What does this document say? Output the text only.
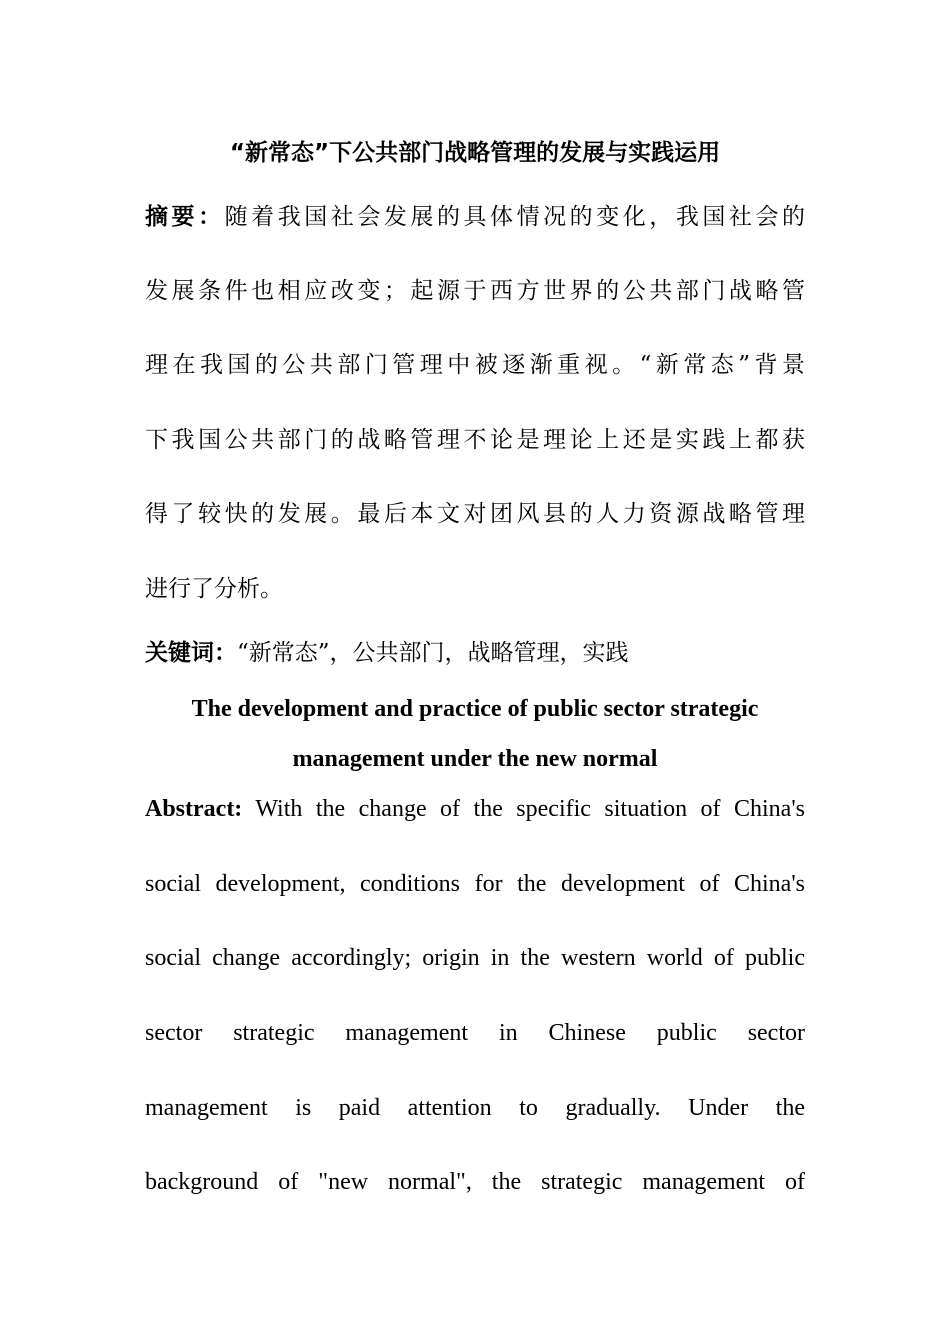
“新常态”下公共部门战略管理的发展与实践运用
摘要：随着我国社会发展的具体情况的变化，我国社会的
发展条件也相应改变；起源于西方世界的公共部门战略管
理在我国的公共部门管理中被逐渐重视。“新常态”背景
下我国公共部门的战略管理不论是理论上还是实践上都获
得了较快的发展。最后本文对团风县的人力资源战略管理
进行了分析。
关键词：“新常态”，公共部门，战略管理，实践
The development and practice of public sector strategic
management under the new normal
Abstract: With the change of the specific situation of China's
social development, conditions for the development of China's
social change accordingly; origin in the western world of public
sector strategic management in Chinese public sector
management is paid attention to gradually. Under the
background of "new normal", the strategic management of
